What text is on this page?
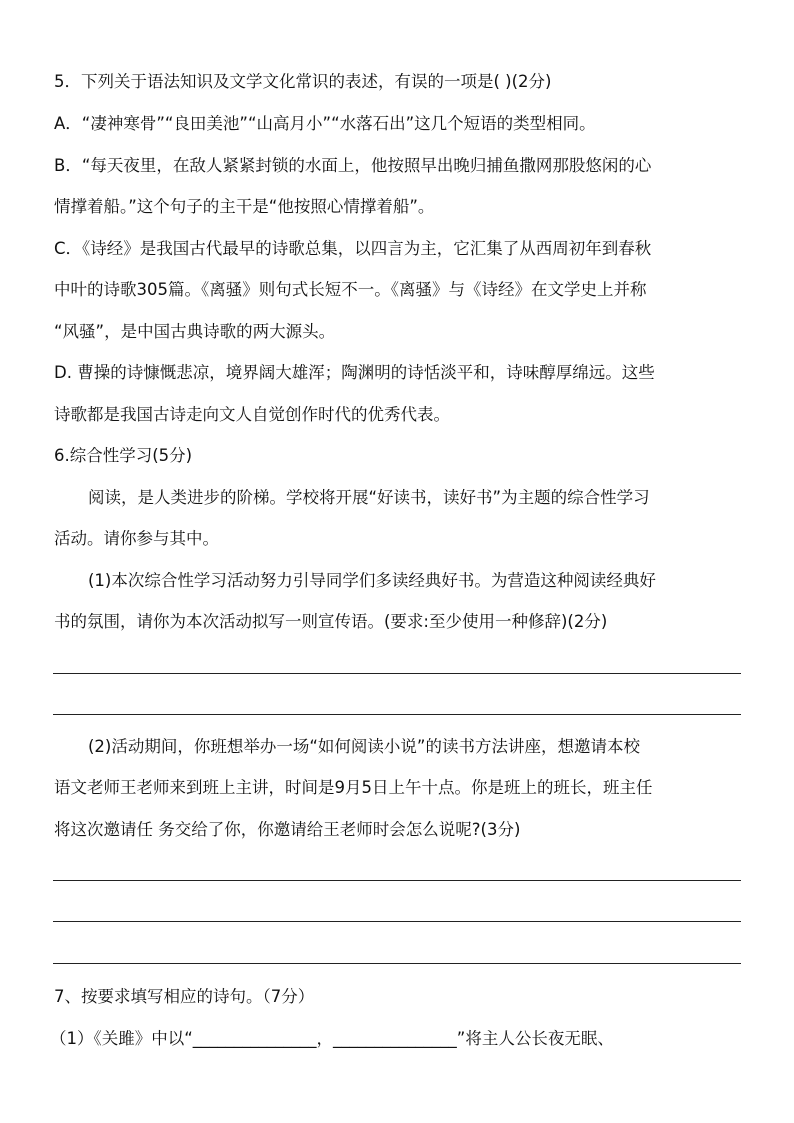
5．下列关于语法知识及文学文化常识的表述，有误的一项是( )(2分)
A．“凄神寒骨”“良田美池”“山高月小”“水落石出”这几个短语的类型相同。
B．“每天夜里，在敌人紧紧封锁的水面上，他按照早出晚归捕鱼撒网那股悠闲的心
情撑着船。”这个句子的主干是“他按照心情撑着船”。
C．《诗经》是我国古代最早的诗歌总集，以四言为主，它汇集了从西周初年到春秋
中叶的诗歌305篇。《离骚》则句式长短不一。《离骚》与《诗经》在文学史上并称
“风骚”，是中国古典诗歌的两大源头。
D. 曹操的诗慷慨悲凉，境界阔大雄浑；陶渊明的诗恬淡平和，诗味醇厚绵远。这些
诗歌都是我国古诗走向文人自觉创作时代的优秀代表。
6.综合性学习(5分)
阅读，是人类进步的阶梯。学校将开展“好读书，读好书”为主题的综合性学习
活动。请你参与其中。
(1)本次综合性学习活动努力引导同学们多读经典好书。为营造这种阅读经典好
书的氛围，请你为本次活动拟写一则宣传语。(要求:至少使用一种修辞)(2分)
(2)活动期间，你班想举办一场“如何阅读小说”的读书方法讲座，想邀请本校
语文老师王老师来到班上主讲，时间是9月5日上午十点。你是班上的班长，班主任
将这次邀请任 务交给了你，你邀请给王老师时会怎么说呢?(3分)
7、按要求填写相应的诗句。（7分）
（1）《关雎》中以“_______________，_______________”将主人公长夜无眠、
